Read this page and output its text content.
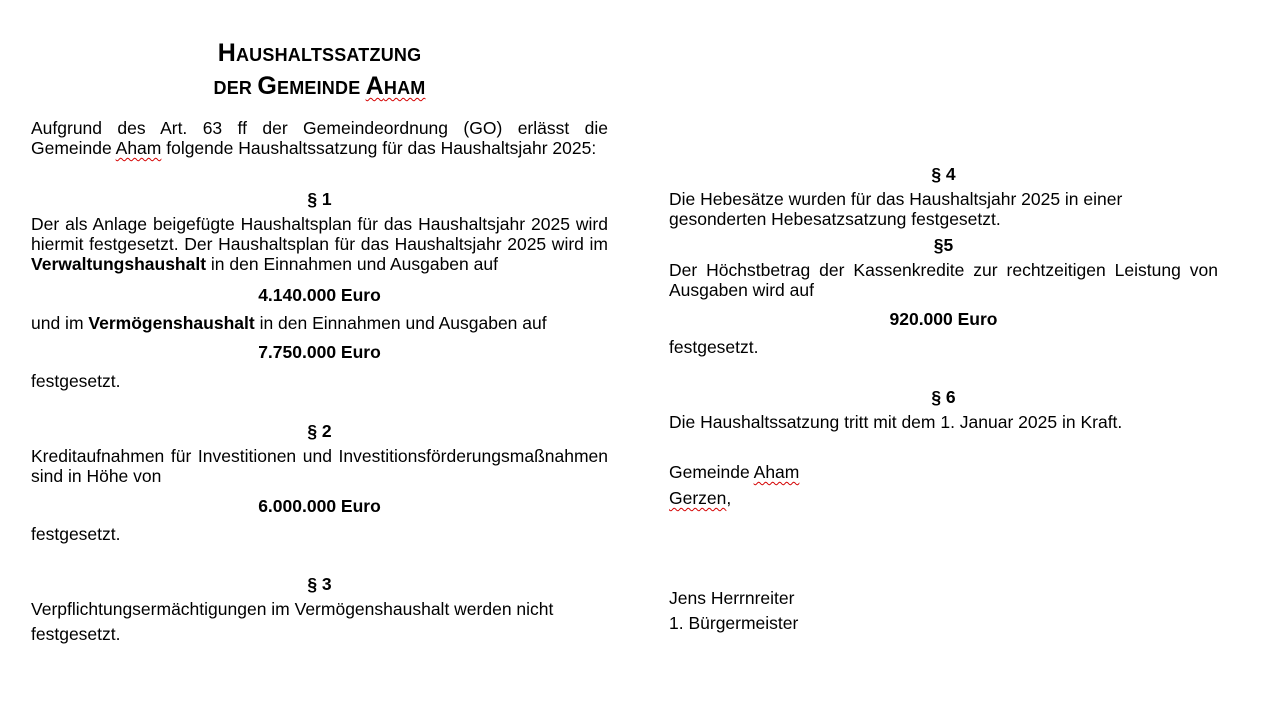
HAUSHALTSSATZUNG
DER GEMEINDE AHAM
Aufgrund des Art. 63 ff der Gemeindeordnung (GO) erlässt die
Gemeinde Aham folgende Haushaltssatzung für das Haushaltsjahr 2025:
§ 1
Der als Anlage beigefügte Haushaltsplan für das Haushaltsjahr 2025 wird hiermit festgesetzt. Der Haushaltsplan für das Haushaltsjahr 2025 wird im Verwaltungshaushalt in den Einnahmen und Ausgaben auf
4.140.000 Euro
und im Vermögenshaushalt in den Einnahmen und Ausgaben auf
7.750.000 Euro
festgesetzt.
§ 2
Kreditaufnahmen für Investitionen und Investitionsförderungsmaßnahmen sind in Höhe von
6.000.000 Euro
festgesetzt.
§ 3
Verpflichtungsermächtigungen im Vermögenshaushalt werden nicht
festgesetzt.
§ 4
Die Hebesätze wurden für das Haushaltsjahr 2025 in einer gesonderten Hebesatzsatzung festgesetzt.
§5
Der Höchstbetrag der Kassenkredite zur rechtzeitigen Leistung von Ausgaben wird auf
920.000 Euro
festgesetzt.
§ 6
Die Haushaltssatzung tritt mit dem 1. Januar 2025 in Kraft.
Gemeinde Aham
Gerzen,
Jens Herrnreiter
1. Bürgermeister
